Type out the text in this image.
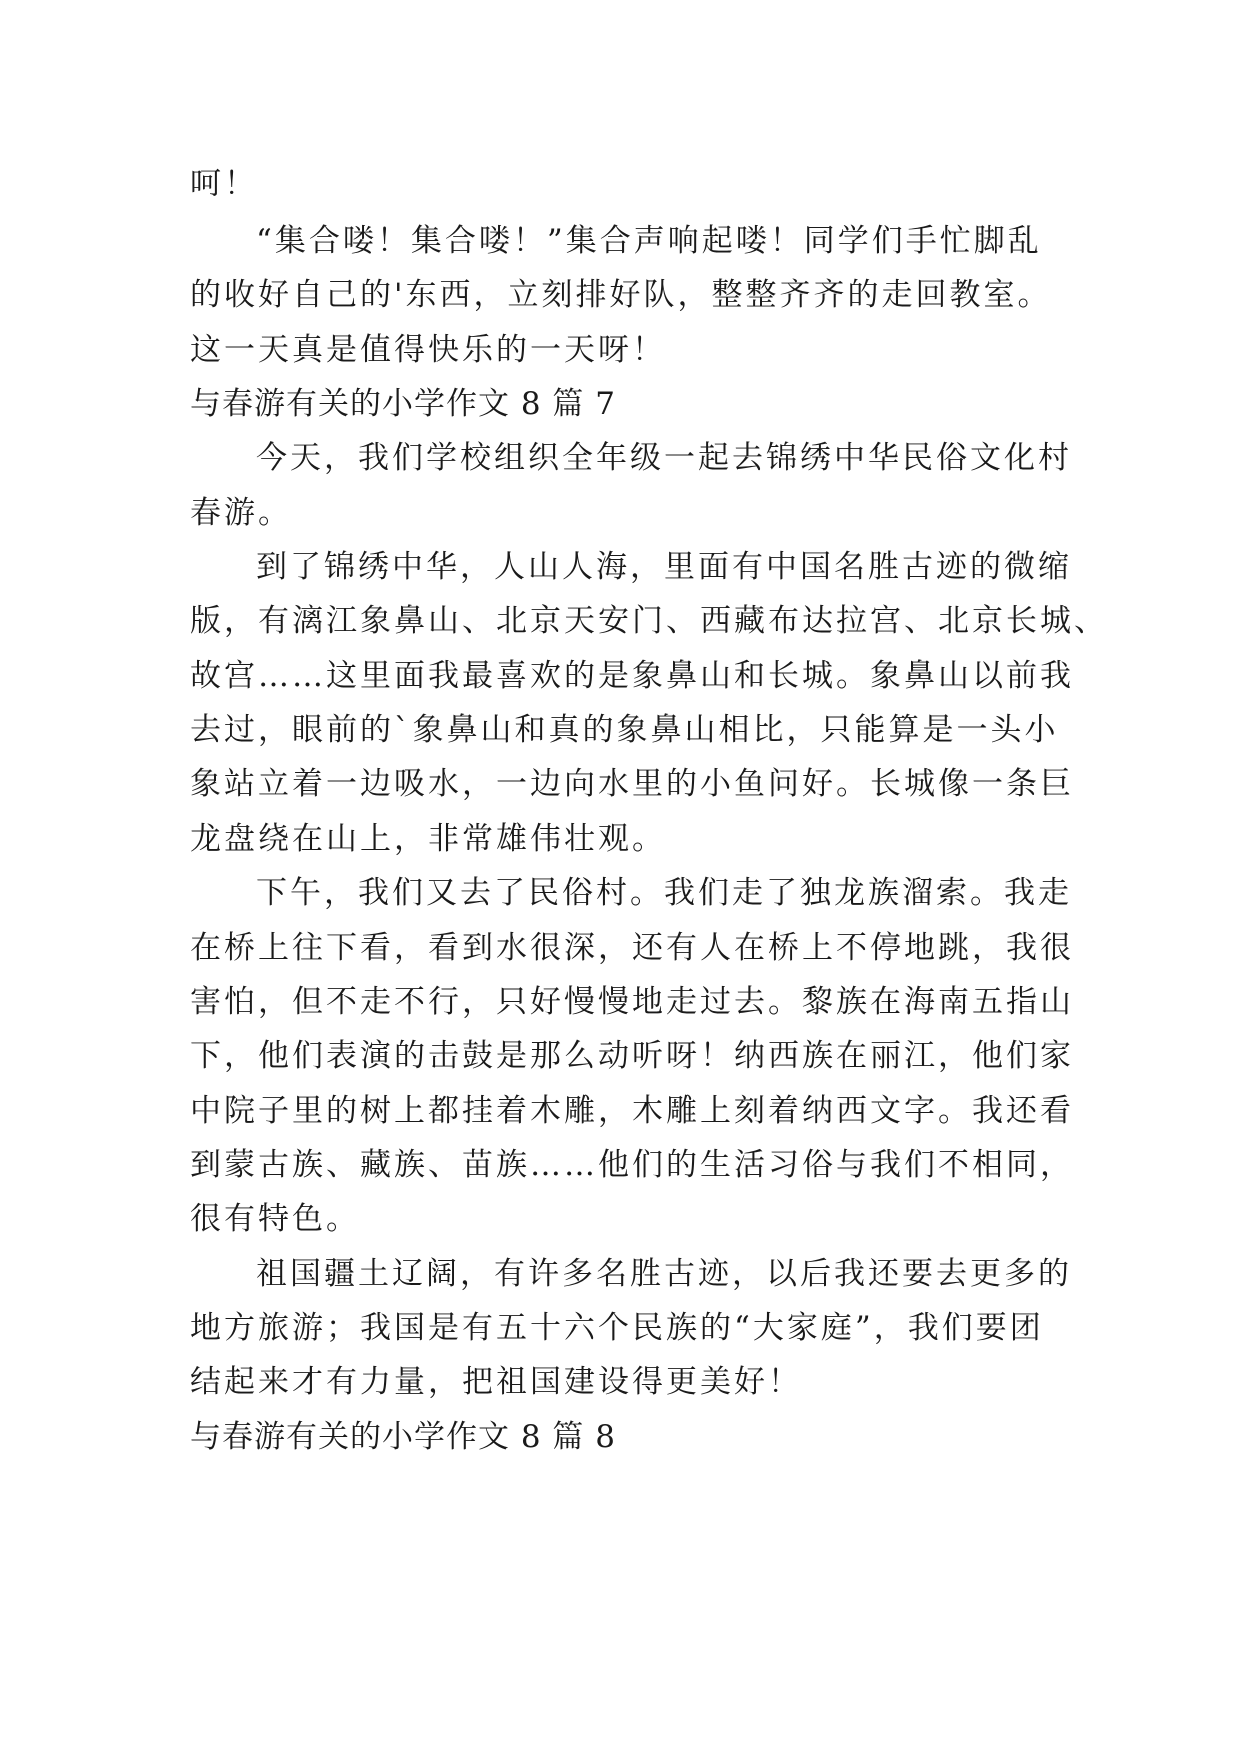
呵！
“集合喽！集合喽！”集合声响起喽！同学们手忙脚乱
的收好自己的'东西，立刻排好队，整整齐齐的走回教室。
这一天真是值得快乐的一天呀！
与春游有关的小学作文 8 篇 7
今天，我们学校组织全年级一起去锦绣中华民俗文化村
春游。
到了锦绣中华，人山人海，里面有中国名胜古迹的微缩
版，有漓江象鼻山、北京天安门、西藏布达拉宫、北京长城、
故宫……这里面我最喜欢的是象鼻山和长城。象鼻山以前我
去过，眼前的`象鼻山和真的象鼻山相比，只能算是一头小
象站立着一边吸水，一边向水里的小鱼问好。长城像一条巨
龙盘绕在山上，非常雄伟壮观。
下午，我们又去了民俗村。我们走了独龙族溜索。我走
在桥上往下看，看到水很深，还有人在桥上不停地跳，我很
害怕，但不走不行，只好慢慢地走过去。黎族在海南五指山
下，他们表演的击鼓是那么动听呀！纳西族在丽江，他们家
中院子里的树上都挂着木雕，木雕上刻着纳西文字。我还看
到蒙古族、藏族、苗族……他们的生活习俗与我们不相同，
很有特色。
祖国疆土辽阔，有许多名胜古迹，以后我还要去更多的
地方旅游；我国是有五十六个民族的“大家庭”，我们要团
结起来才有力量，把祖国建设得更美好！
与春游有关的小学作文 8 篇 8
